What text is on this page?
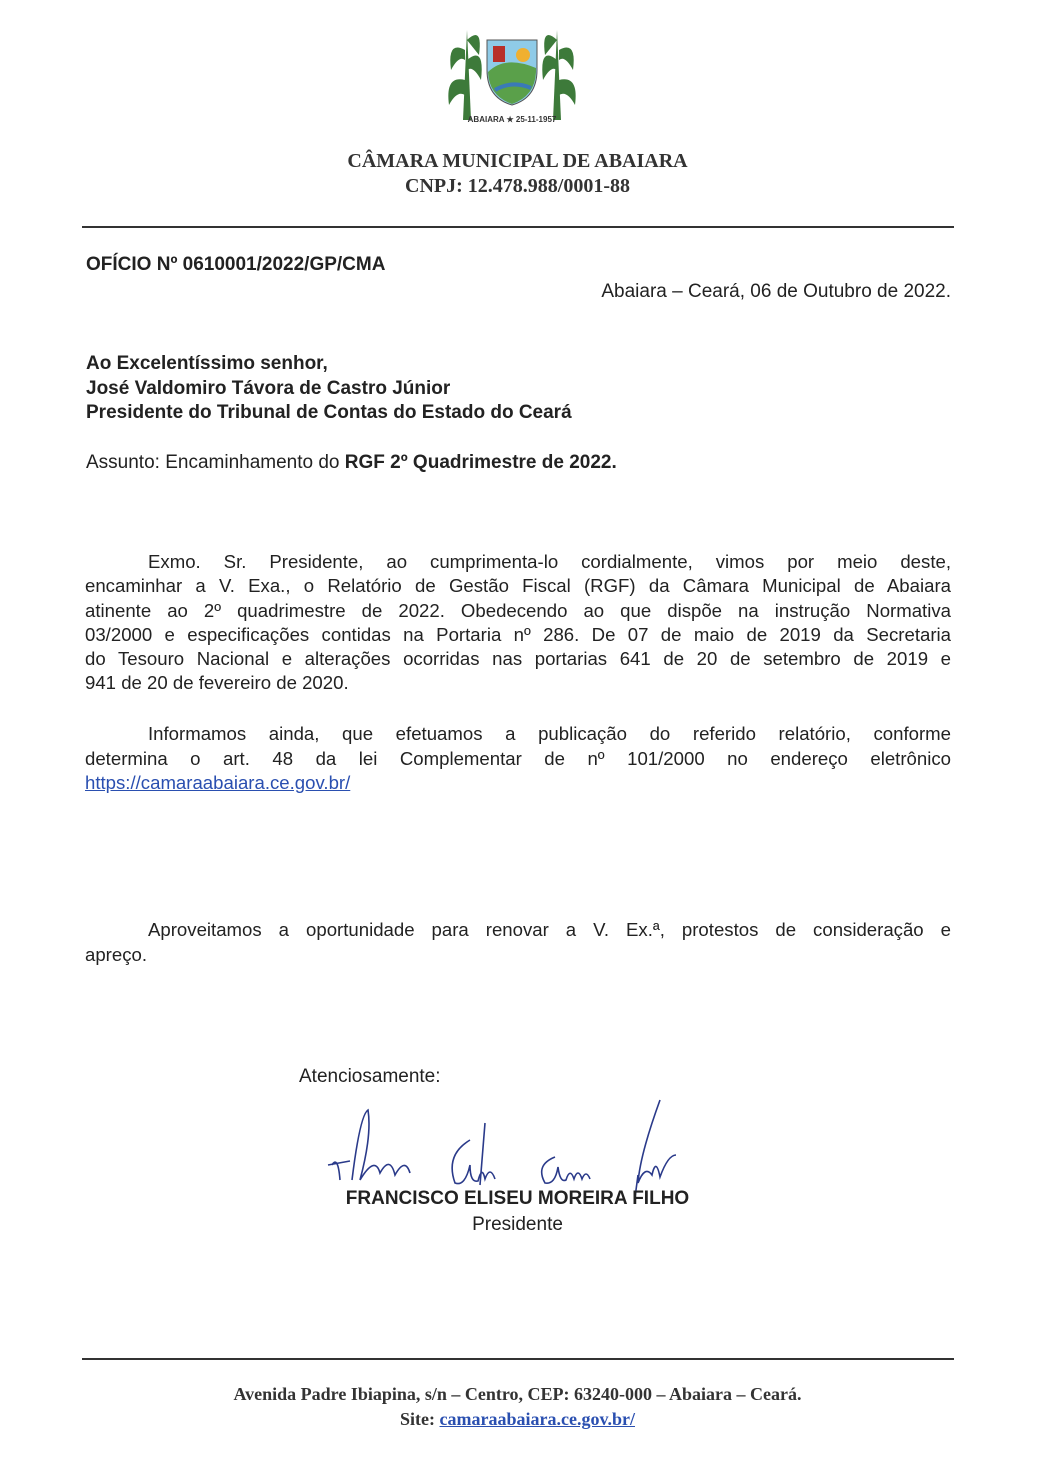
ABAIARA ★ 25-11-1957
CÂMARA MUNICIPAL DE ABAIARA
CNPJ: 12.478.988/0001-88
OFÍCIO Nº 0610001/2022/GP/CMA
Abaiara – Ceará, 06 de Outubro de 2022.
Ao Excelentíssimo senhor,
José Valdomiro Távora de Castro Júnior
Presidente do Tribunal de Contas do Estado do Ceará
Assunto: Encaminhamento do RGF 2º Quadrimestre de 2022.
Exmo. Sr. Presidente, ao cumprimenta-lo cordialmente, vimos por meio deste,
encaminhar a V. Exa., o Relatório de Gestão Fiscal (RGF) da Câmara Municipal de Abaiara
atinente ao 2º quadrimestre de 2022. Obedecendo ao que dispõe na instrução Normativa
03/2000 e especificações contidas na Portaria nº 286. De 07 de maio de 2019 da Secretaria
do Tesouro Nacional e alterações ocorridas nas portarias 641 de 20 de setembro de 2019 e
941 de 20 de fevereiro de 2020.
Informamos ainda, que efetuamos a publicação do referido relatório, conforme
determina o art. 48 da lei Complementar de nº 101/2000 no endereço eletrônico
https://camaraabaiara.ce.gov.br/
Aproveitamos a oportunidade para renovar a V. Ex.ª, protestos de consideração e
apreço.
Atenciosamente:
FRANCISCO ELISEU MOREIRA FILHO
Presidente
Avenida Padre Ibiapina, s/n – Centro, CEP: 63240-000 – Abaiara – Ceará.
Site: camaraabaiara.ce.gov.br/
